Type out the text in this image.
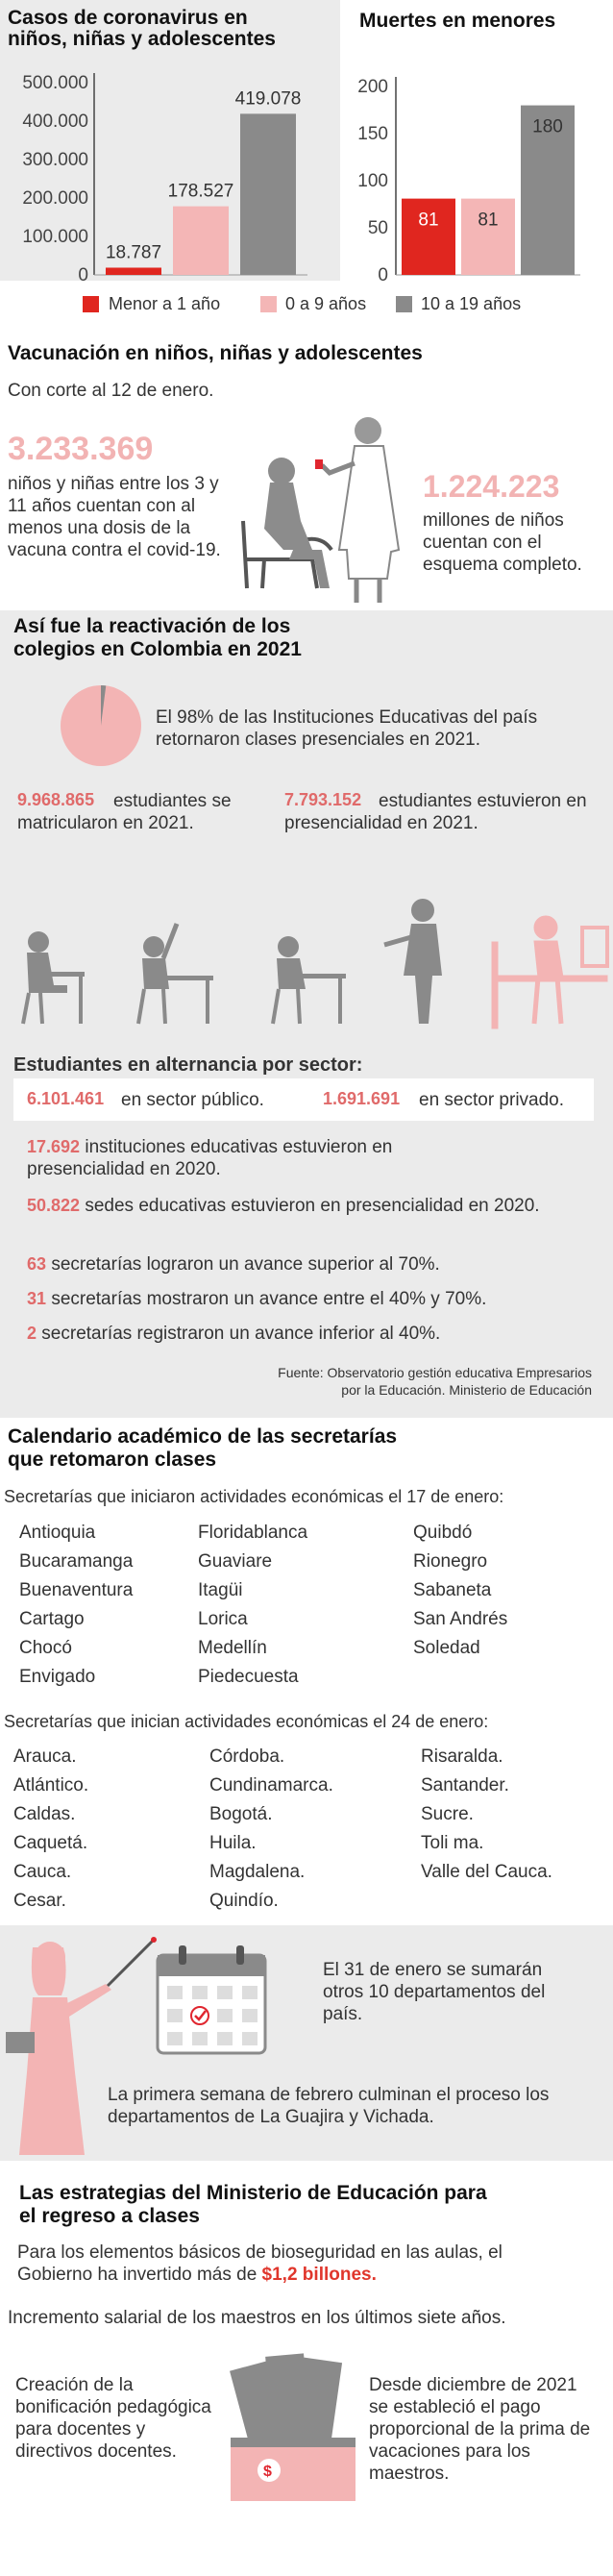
Casos de coronavirus en niños, niñas y adolescentes
500.000
400.000
300.000
200.000
100.000
0
18.787
178.527
419.078
Muertes en menores
200
150
100
50
0
81 81
180
Menor a 1 año	0 a 9 años	10 a 19 años
Vacunación en niños, niñas y adolescentes
Con corte al 12 de enero.
3.233.369
niños y niñas entre los 3 y 11 años cuentan con al menos una dosis de la vacuna contra el covid-19.
1.224.223
millones de niños cuentan con el esquema completo.
Así fue la reactivación de los colegios en Colombia en 2021
El 98% de las Instituciones Educativas del país retornaron clases presenciales en 2021.
9.968.865	estudiantes se matricularon en 2021.
7.793.152 estudiantes estuvieron en presencialidad en 2021.
Estudiantes en alternancia por sector:
6.101.461 en sector público.	1.691.691 en sector privado.
17.692 instituciones educativas estuvieron en presencialidad en 2020.
50.822 sedes educativas estuvieron en presencialidad en 2020.
63 secretarías lograron un avance superior al 70%.
31 secretarías mostraron un avance entre el 40% y 70%.
2 secretarías registraron un avance inferior al 40%.
Fuente: Observatorio gestión educativa Empresarios
por la Educación. Ministerio de Educación
Calendario académico de las secretarías que retomaron clases
Secretarías que iniciaron actividades económicas el 17 de enero:
Antioquia
Bucaramanga
Buenaventura
Cartago
Chocó
Envigado
Floridablanca
Guaviare
Itagüi
Lorica
Medellín
Piedecuesta
Quibdó
Rionegro
Sabaneta
San Andrés
Soledad
Secretarías que inician actividades económicas el 24 de enero:
Arauca.
Atlántico.
Caldas.
Caquetá.
Cauca.
Cesar.
Córdoba.
Cundinamarca.
Bogotá.
Huila.
Magdalena.
Quindío.
Risaralda.
Santander.
Sucre.
Toli ma.
Valle del Cauca.
El 31 de enero se sumarán otros 10 departamentos del país.
La primera semana de febrero culminan el proceso los departamentos de La Guajira y Vichada.
Las estrategias del Ministerio de Educación para el regreso a clases
Para los elementos básicos de bioseguridad en las aulas, el Gobierno ha invertido más de $1,2 billones.
Incremento salarial de los maestros en los últimos siete años.
Creación de la bonificación pedagógica para docentes y directivos docentes.
$
Desde diciembre de 2021 se estableció el pago proporcional de la prima de vacaciones para los maestros.
